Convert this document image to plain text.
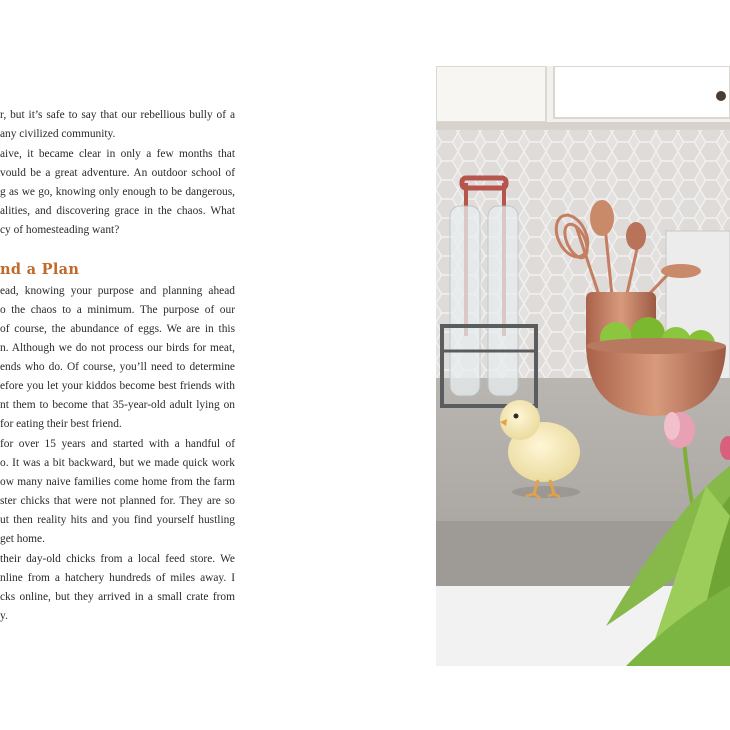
r, but it’s safe to say that our rebellious bully of a
any civilized community.
aive, it became clear in only a few months that
vould be a great adventure. An outdoor school of
g as we go, knowing only enough to be dangerous,
alities, and discovering grace in the chaos. What
cy of homesteading want?
nd a Plan
ead, knowing your purpose and planning ahead
o the chaos to a minimum. The purpose of our
of course, the abundance of eggs. We are in this
n. Although we do not process our birds for meat,
ends who do. Of course, you’ll need to determine
efore you let your kiddos become best friends with
nt them to become that 35-year-old adult lying on
for eating their best friend.
for over 15 years and started with a handful of
o. It was a bit backward, but we made quick work
ow many naive families come home from the farm
ster chicks that were not planned for. They are so
ut then reality hits and you find yourself hustling
get home.
their day-old chicks from a local feed store. We
nline from a hatchery hundreds of miles away. I
cks online, but they arrived in a small crate from
y.
